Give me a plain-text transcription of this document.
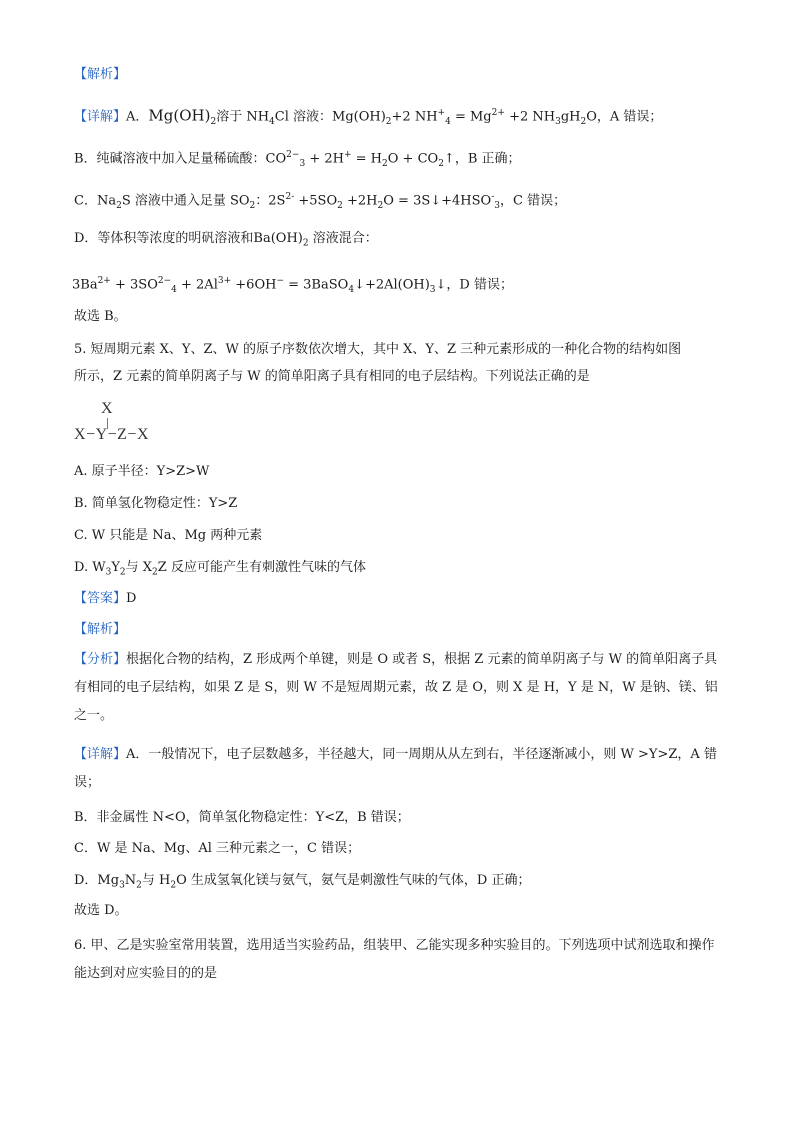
【解析】
【详解】A．$Mg(OH)_2$溶于 $NH_4Cl$ 溶液：$Mg(OH)_2+2$ $NH^+_4 = Mg^{2+} +2$ $NH_3gH_2O$，A 错误；
B．纯碱溶液中加入足量稀硫酸：$CO^{2-}_3 + 2H^+ = H_2O$ + $CO_2↑$，B 正确；
C．$Na_2S$ 溶液中通入足量 $SO_2$：$2S^{2-} +5SO_2 +2H_2O$ = $3S↓+4HSO^-_3$，C 错误；
D．等体积等浓度的明矾溶液和$Ba(OH)_2$ 溶液混合：
$3Ba^{2+} + 3SO^{2-}_4 + 2Al^{3+} +6OH^-$ = $3BaSO_4↓+2Al(OH)_3↓$，D 错误；
故选 B。
5. 短周期元素 X、Y、Z、W 的原子序数依次增大，其中 X、Y、Z 三种元素形成的一种化合物的结构如图
所示，Z 元素的简单阴离子与 W 的简单阳离子具有相同的电子层结构。下列说法正确的是
X
X−Y−Z−X
A. 原子半径：Y>Z>W
B. 简单氢化物稳定性：Y>Z
C. W 只能是 Na、Mg 两种元素
D. $W_3Y_2$与 $X_2Z$ 反应可能产生有刺激性气味的气体
【答案】D
【解析】
【分析】根据化合物的结构，Z 形成两个单键，则是 O 或者 S，根据 Z 元素的简单阴离子与 W 的简单阳离子具有相同的电子层结构，如果 Z 是 S，则 W 不是短周期元素，故 Z 是 O，则 X 是 H，Y 是 N，W 是钠、镁、铝之一。
【详解】A．一般情况下，电子层数越多，半径越大，同一周期从从左到右，半径逐渐减小，则 W >Y>Z，A 错误；
B．非金属性 N<O，简单氢化物稳定性：Y<Z，B 错误；
C．W 是 Na、Mg、Al 三种元素之一，C 错误；
D．$Mg_3N_2$与 $H_2O$ 生成氢氧化镁与氨气，氨气是刺激性气味的气体，D 正确；
故选 D。
6. 甲、乙是实验室常用装置，选用适当实验药品，组装甲、乙能实现多种实验目的。下列选项中试剂选取和操作能达到对应实验目的的是
